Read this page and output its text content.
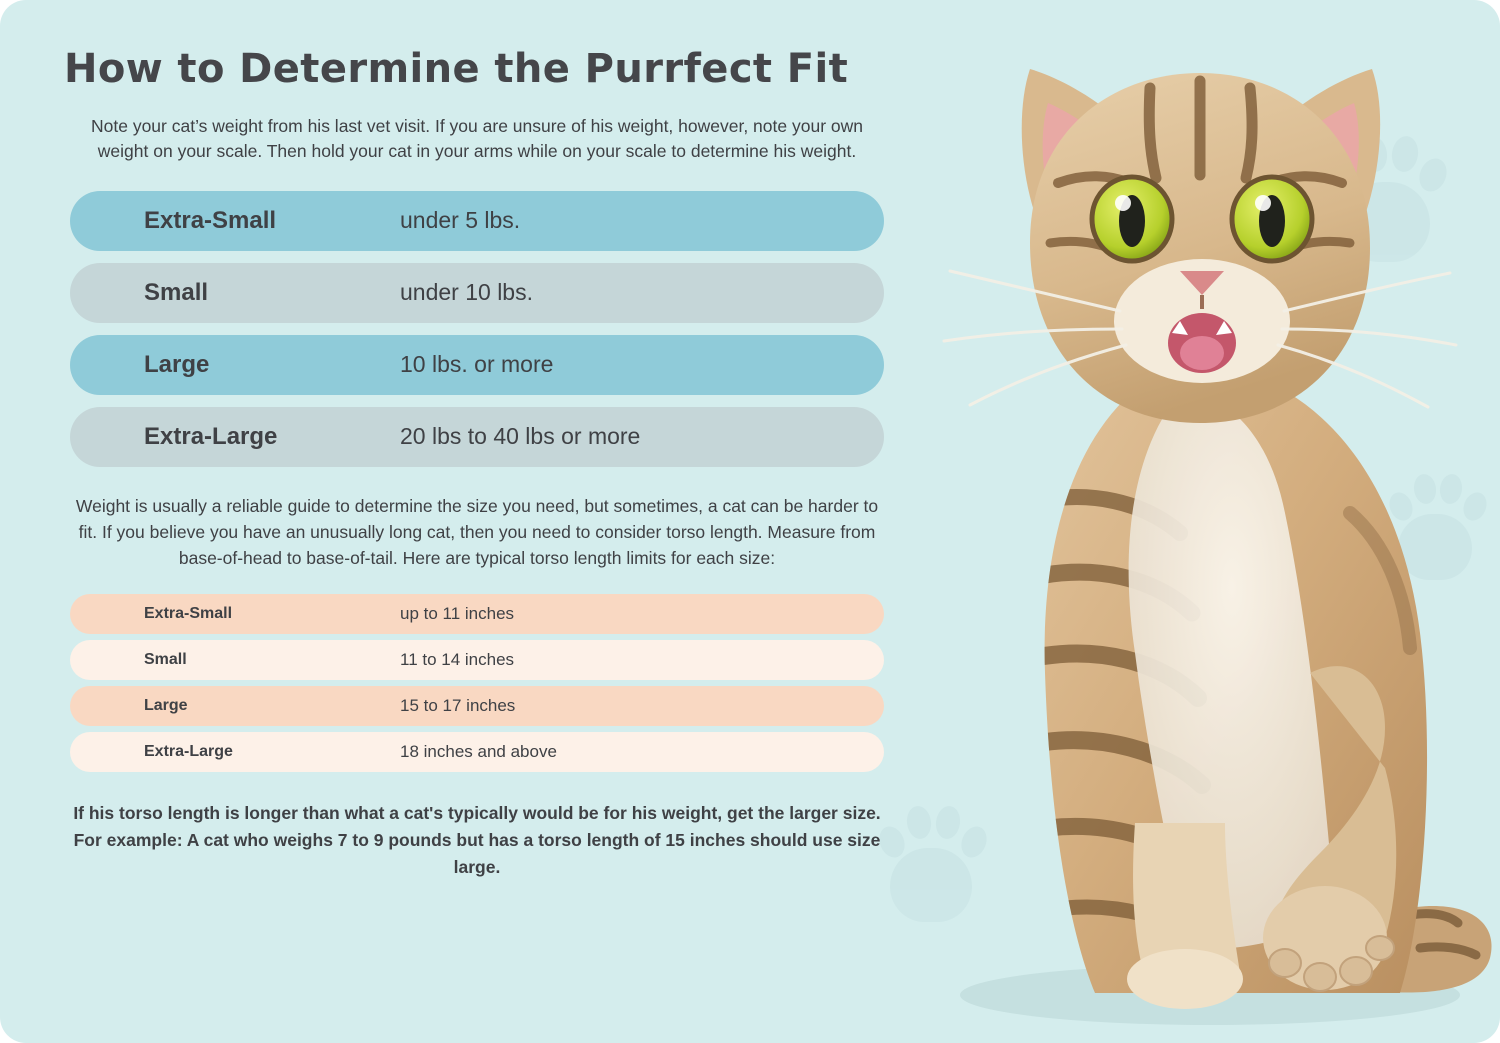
How to Determine the Purrfect Fit

Note your cat’s weight from his last vet visit. If you are unsure of his weight, however, note your own weight on your scale. Then hold your cat in your arms while on your scale to determine his weight.

Extra-Small	under 5 lbs.
Small	under 10 lbs.
Large	10 lbs. or more
Extra-Large	20 lbs to 40 lbs or more

Weight is usually a reliable guide to determine the size you need, but sometimes, a cat can be harder to fit. If you believe you have an unusually long cat, then you need to consider torso length. Measure from base-of-head to base-of-tail. Here are typical torso length limits for each size:

Extra-Small	up to 11 inches
Small	11 to 14 inches
Large	15 to 17 inches
Extra-Large	18 inches and above

If his torso length is longer than what a cat's typically would be for his weight, get the larger size. For example: A cat who weighs 7 to 9 pounds but has a torso length of 15 inches should use size large.
